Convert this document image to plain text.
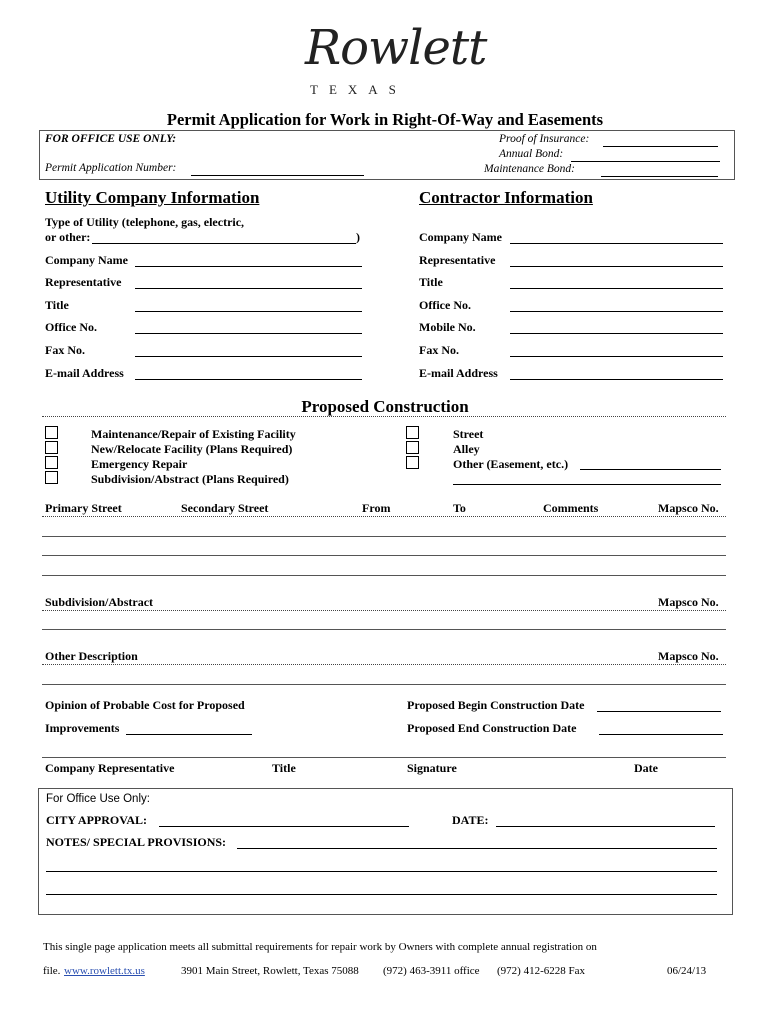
Rowlett
TEXAS
Permit Application for Work in Right-Of-Way and Easements
FOR OFFICE USE ONLY:
Permit Application Number:
Proof of Insurance:
Annual Bond:
Maintenance Bond:
Utility Company Information	Contractor Information
Type of Utility (telephone, gas, electric,
or other:	)
Company Name
Representative
Title
Office No.
Fax No.
E-mail Address
Company Name
Representative
Title
Office No.
Mobile No.
Fax No.
E-mail Address
Proposed Construction
Maintenance/Repair of Existing Facility
New/Relocate Facility (Plans Required)
Emergency Repair
Subdivision/Abstract (Plans Required)
Street
Alley
Other (Easement, etc.)
Primary Street	Secondary Street	From	To	Comments	Mapsco No.
Subdivision/Abstract	Mapsco No.
Other Description	Mapsco No.
Opinion of Probable Cost for Proposed
Improvements
Proposed Begin Construction Date
Proposed End Construction Date
Company Representative	Title	Signature	Date
For Office Use Only:
CITY APPROVAL:	DATE:
NOTES/ SPECIAL PROVISIONS:
This single page application meets all submittal requirements for repair work by Owners with complete annual registration on
file. www.rowlett.tx.us	3901 Main Street, Rowlett, Texas 75088 (972) 463-3911 office (972) 412-6228 Fax	06/24/13
